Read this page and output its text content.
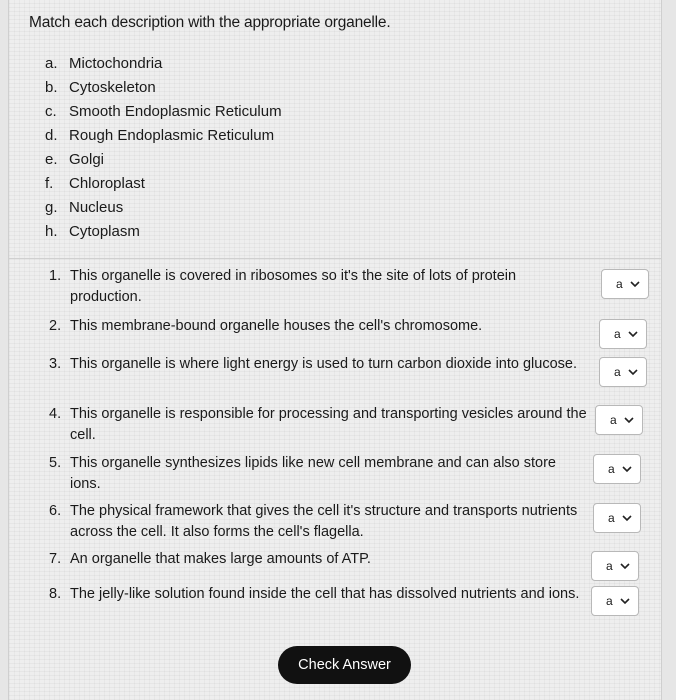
Match each description with the appropriate organelle.
a. Mictochondria
b. Cytoskeleton
c. Smooth Endoplasmic Reticulum
d. Rough Endoplasmic Reticulum
e. Golgi
f.	Chloroplast
g. Nucleus
h. Cytoplasm
1. This organelle is covered in ribosomes so it's the site of lots of protein production.
a
2. This membrane-bound organelle houses the cell's chromosome.	a
3. This organelle is where light energy is used to turn carbon dioxide into glucose.	a
4. This organelle is responsible for processing and transporting vesicles around the cell.
a
5. This organelle synthesizes lipids like new cell membrane and can also store ions.
a
6. The physical framework that gives the cell it's structure and transports nutrients across the cell. It also forms the cell's flagella.
a
7. An organelle that makes large amounts of ATP.	a
8. The jelly-like solution found inside the cell that has dissolved nutrients and ions.	a
Check Answer
